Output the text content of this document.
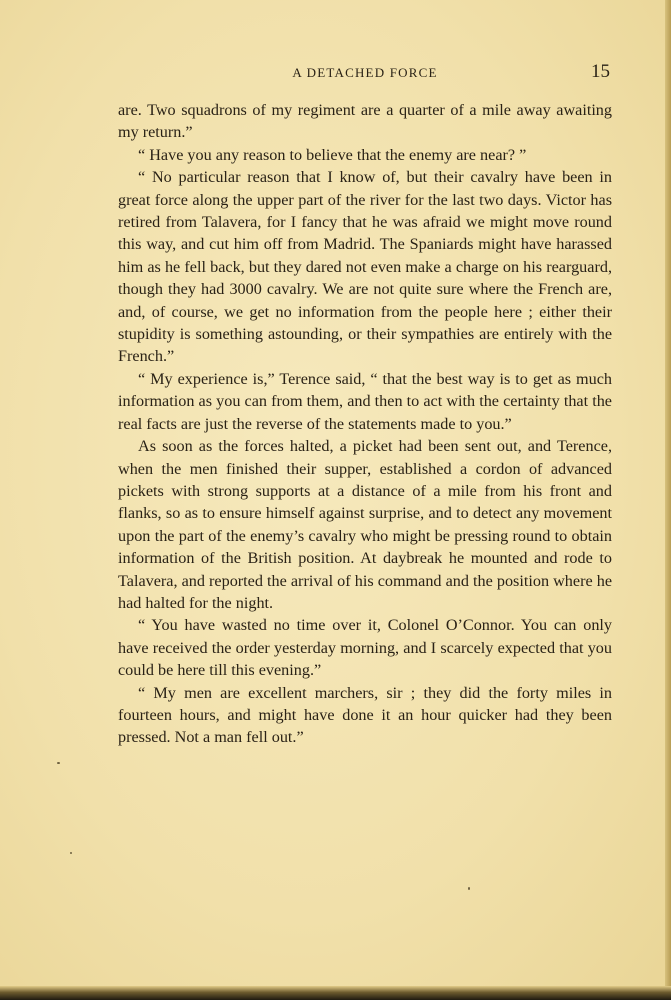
A DETACHED FORCE	15

are. Two squadrons of my regiment are a quarter of a mile away awaiting my return.”

“ Have you any reason to believe that the enemy are near? ”

“ No particular reason that I know of, but their cavalry have been in great force along the upper part of the river for the last two days. Victor has retired from Talavera, for I fancy that he was afraid we might move round this way, and cut him off from Madrid. The Spaniards might have harassed him as he fell back, but they dared not even make a charge on his rearguard, though they had 3000 cavalry. We are not quite sure where the French are, and, of course, we get no information from the people here ; either their stupidity is something astounding, or their sympathies are entirely with the French.”

“ My experience is,” Terence said, “ that the best way is to get as much information as you can from them, and then to act with the certainty that the real facts are just the reverse of the statements made to you.”

As soon as the forces halted, a picket had been sent out, and Terence, when the men finished their supper, established a cordon of advanced pickets with strong supports at a distance of a mile from his front and flanks, so as to ensure himself against surprise, and to detect any movement upon the part of the enemy’s cavalry who might be pressing round to obtain information of the British position. At daybreak he mounted and rode to Talavera, and reported the arrival of his command and the position where he had halted for the night.

“ You have wasted no time over it, Colonel O’Connor. You can only have received the order yesterday morning, and I scarcely expected that you could be here till this evening.”

“ My men are excellent marchers, sir ; they did the forty miles in fourteen hours, and might have done it an hour quicker had they been pressed. Not a man fell out.”
